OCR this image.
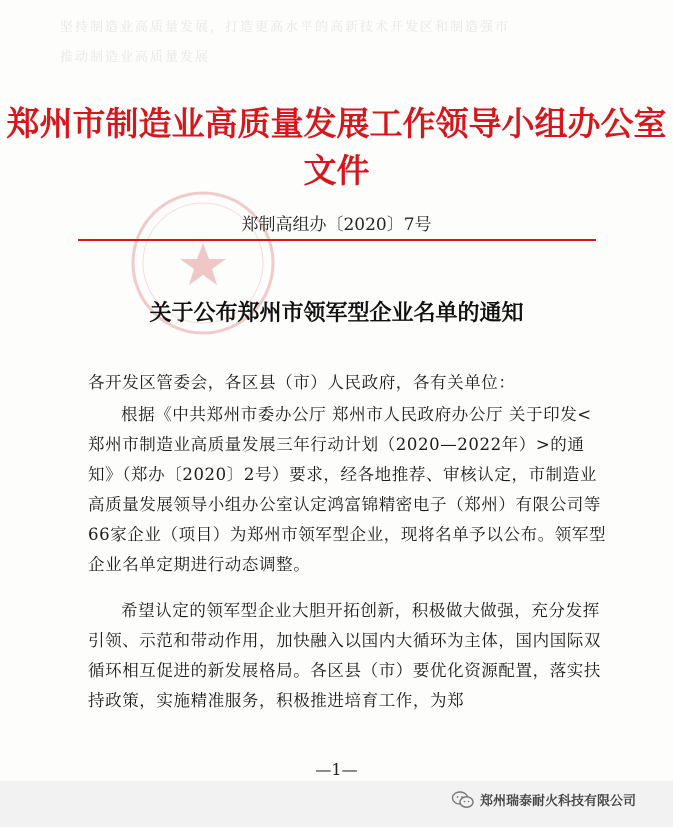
坚持制造业高质量发展，打造更高水平的高新技术开发区和制造强市
推动制造业高质量发展
郑州市制造业高质量发展工作领导小组办公室文件
郑制高组办〔2020〕7号
关于公布郑州市领军型企业名单的通知

各开发区管委会，各区县（市）人民政府，各有关单位：

根据《中共郑州市委办公厅 郑州市人民政府办公厅 关于印发<郑州市制造业高质量发展三年行动计划（2020—2022年）>的通知》（郑办〔2020〕2号）要求，经各地推荐、审核认定，市制造业高质量发展领导小组办公室认定鸿富锦精密电子（郑州）有限公司等66家企业（项目）为郑州市领军型企业，现将名单予以公布。领军型企业名单定期进行动态调整。

希望认定的领军型企业大胆开拓创新，积极做大做强，充分发挥引领、示范和带动作用，加快融入以国内大循环为主体，国内国际双循环相互促进的新发展格局。各区县（市）要优化资源配置，落实扶持政策，实施精准服务，积极推进培育工作，为郑

—1—
郑州瑞泰耐火科技有限公司
